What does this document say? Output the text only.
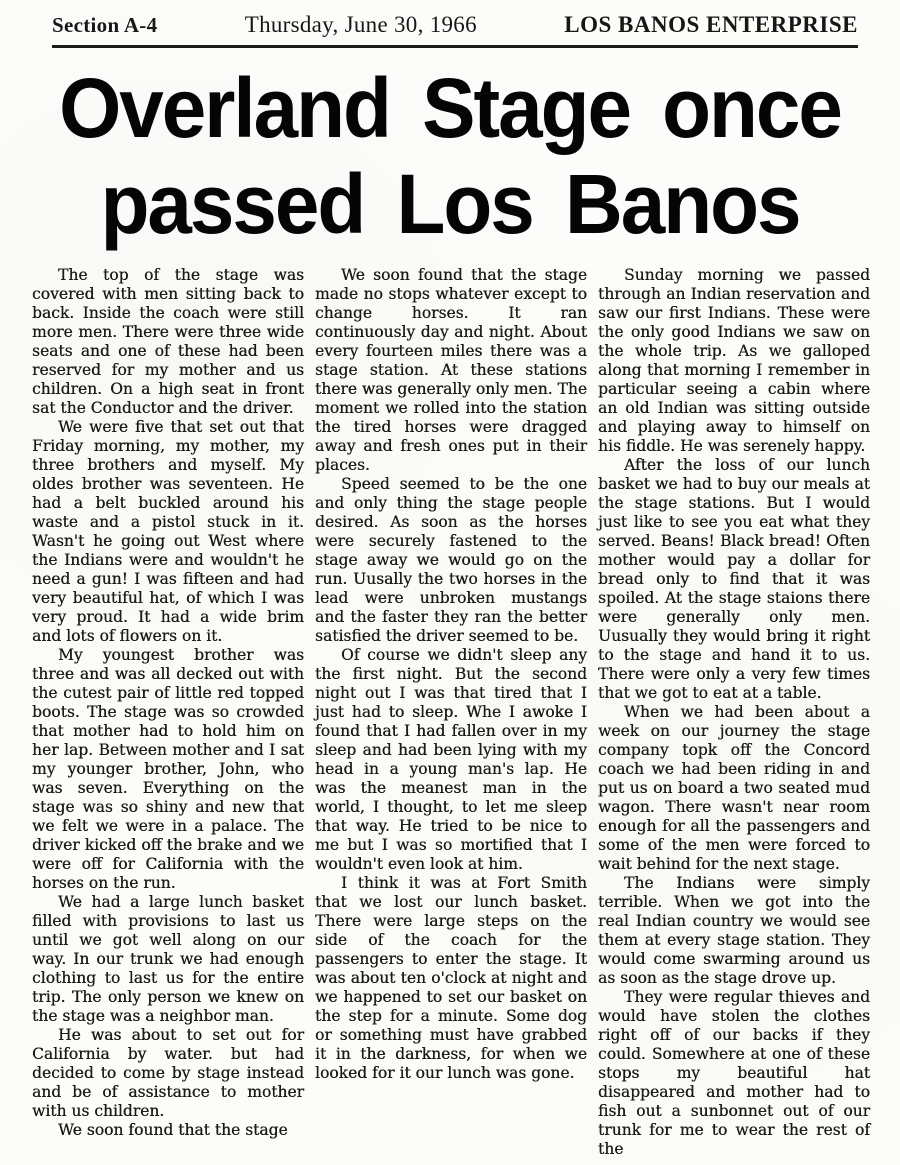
Section A-4	Thursday, June 30, 1966	LOS BANOS ENTERPRISE
Overland Stage once
passed Los Banos

The top of the stage was covered with men sitting back to back. Inside the coach were still more men. There were three wide seats and one of these had been reserved for my mother and us children. On a high seat in front sat the Conductor and the driver.

We were five that set out that Friday morning, my mother, my three brothers and myself. My oldes brother was seventeen. He had a belt buckled around his waste and a pistol stuck in it. Wasn't he going out West where the Indians were and wouldn't he need a gun! I was fifteen and had very beautiful hat, of which I was very proud. It had a wide brim and lots of flowers on it.

My youngest brother was three and was all decked out with the cutest pair of little red topped boots. The stage was so crowded that mother had to hold him on her lap. Between mother and I sat my younger brother, John, who was seven. Everything on the stage was so shiny and new that we felt we were in a palace. The driver kicked off the brake and we were off for California with the horses on the run.

We had a large lunch basket filled with provisions to last us until we got well along on our way. In our trunk we had enough clothing to last us for the entire trip. The only person we knew on the stage was a neighbor man.

He was about to set out for California by water. but had decided to come by stage instead and be of assistance to mother with us children.

We soon found that the stage

We soon found that the stage made no stops whatever except to change horses. It ran continuously day and night. About every fourteen miles there was a stage station. At these stations there was generally only men. The moment we rolled into the station the tired horses were dragged away and fresh ones put in their places.

Speed seemed to be the one and only thing the stage people desired. As soon as the horses were securely fastened to the stage away we would go on the run. Uusally the two horses in the lead were unbroken mustangs and the faster they ran the better satisfied the driver seemed to be.

Of course we didn't sleep any the first night. But the second night out I was that tired that I just had to sleep. Whe I awoke I found that I had fallen over in my sleep and had been lying with my head in a young man's lap. He was the meanest man in the world, I thought, to let me sleep that way. He tried to be nice to me but I was so mortified that I wouldn't even look at him.

I think it was at Fort Smith that we lost our lunch basket. There were large steps on the side of the coach for the passengers to enter the stage. It was about ten o'clock at night and we happened to set our basket on the step for a minute. Some dog or something must have grabbed it in the darkness, for when we looked for it our lunch was gone.

Sunday morning we passed through an Indian reservation and saw our first Indians. These were the only good Indians we saw on the whole trip. As we galloped along that morning I remember in particular seeing a cabin where an old Indian was sitting outside and playing away to himself on his fiddle. He was serenely happy.

After the loss of our lunch basket we had to buy our meals at the stage stations. But I would just like to see you eat what they served. Beans! Black bread! Often mother would pay a dollar for bread only to find that it was spoiled. At the stage staions there were generally only men. Uusually they would bring it right to the stage and hand it to us. There were only a very few times that we got to eat at a table.

When we had been about a week on our journey the stage company topk off the Concord coach we had been riding in and put us on board a two seated mud wagon. There wasn't near room enough for all the passengers and some of the men were forced to wait behind for the next stage.

The Indians were simply terrible. When we got into the real Indian country we would see them at every stage station. They would come swarming around us as soon as the stage drove up.

They were regular thieves and would have stolen the clothes right off of our backs if they could. Somewhere at one of these stops my beautiful hat disappeared and mother had to fish out a sunbonnet out of our trunk for me to wear the rest of the
